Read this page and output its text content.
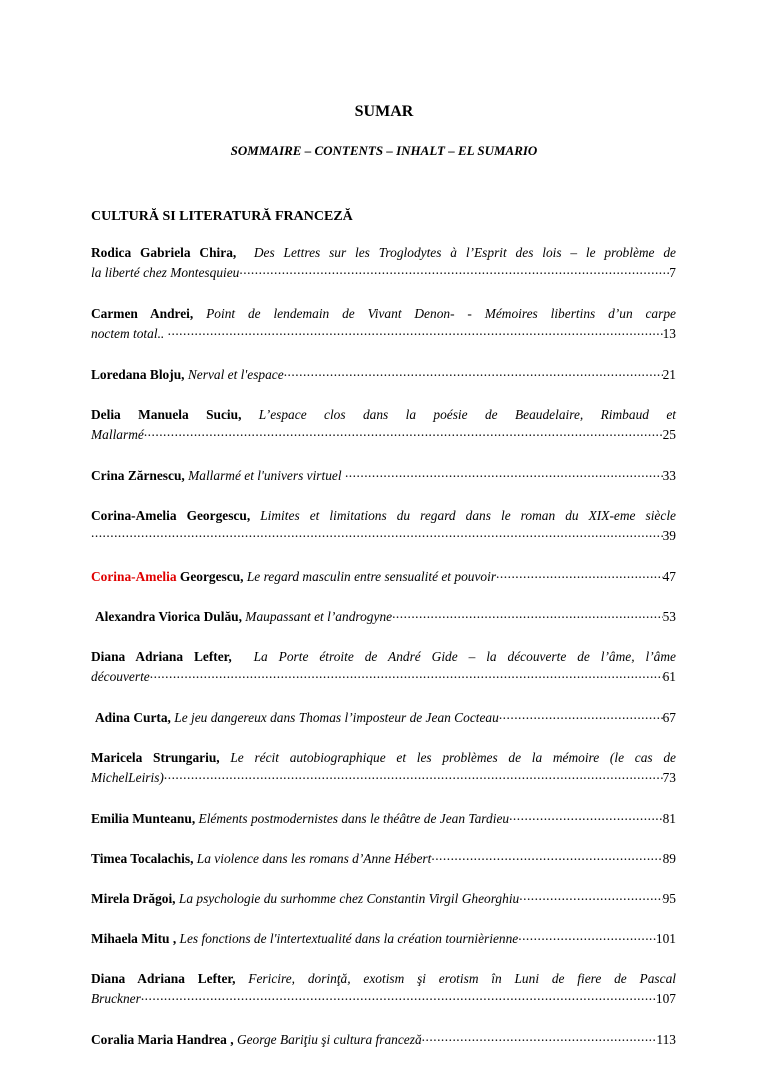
SUMAR
SOMMAIRE – CONTENTS – INHALT – EL SUMARIO
CULTURĂ SI LITERATURĂ FRANCEZĂ
Rodica Gabriela Chira, Des Lettres sur les Troglodytes à l’Esprit des lois – le problème de
la liberté chez Montesquieu .....	7
Carmen Andrei, Point de lendemain de Vivant Denon- - Mémoires libertins d’un carpe
noctem total..
.....	13
Loredana Bloju, Nerval et l'espace .....	21
Delia Manuela Suciu, L’espace clos dans la poésie de Beaudelaire, Rimbaud et
Mallarmé .....	25
Crina Zărnescu, Mallarmé et l'univers virtuel .....	33
Corina-Amelia Georgescu, Limites et limitations du regard dans le roman du XIX-eme siècle
.....
39
Corina-Amelia Georgescu, Le regard masculin entre sensualité et pouvoir .....	47
Alexandra Viorica Dulău, Maupassant et l’androgyne .....	53
Diana Adriana Lefter, La Porte étroite de André Gide – la découverte de l’âme, l’âme
découverte .....	61
Adina Curta, Le jeu dangereux dans Thomas l’imposteur de Jean Cocteau .....	67
Maricela Strungariu, Le récit autobiographique et les problèmes de la mémoire (le cas de
MichelLeiris) .....	73
Emilia Munteanu, Eléments postmodernistes dans le théâtre de Jean Tardieu .....	81
Timea Tocalachis, La violence dans les romans d’Anne Hébert .....	89
Mirela Drăgoi, La psychologie du surhomme chez Constantin Virgil Gheorghiu .....	95
Mihaela Mitu , Les fonctions de l'intertextualité dans la création tournièrienne .....	101
Diana Adriana Lefter, Fericire, dorinţă, exotism şi erotism în Luni de fiere de Pascal
Bruckner .....	107
Coralia Maria Handrea , George Bariţiu şi cultura franceză .....	113
